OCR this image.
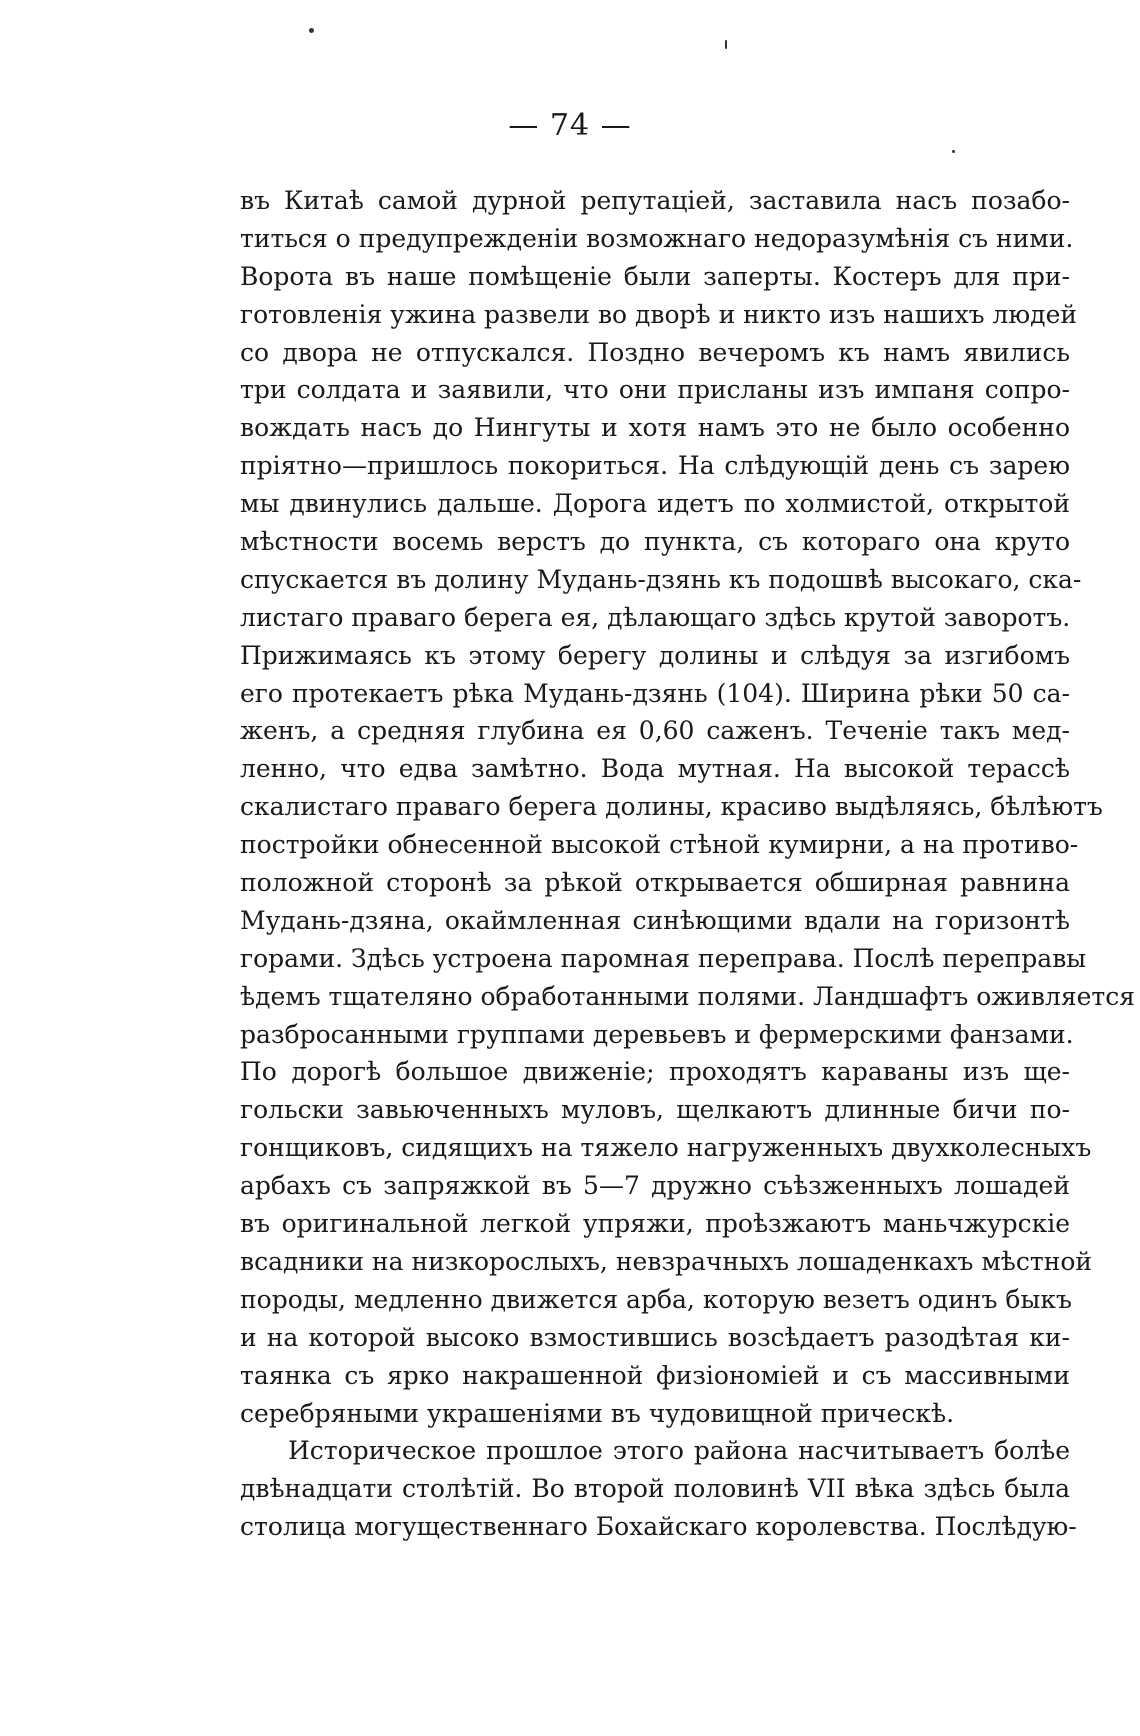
— 74 —
въ Китаѣ самой дурной репутаціей, заставила насъ позабо-
титься о предупрежденіи возможнаго недоразумѣнія съ ними.
Ворота въ наше помѣщеніе были заперты. Костеръ для при-
готовленія ужина развели во дворѣ и никто изъ нашихъ людей
со двора не отпускался. Поздно вечеромъ къ намъ явились
три солдата и заявили, что они присланы изъ импаня сопро-
вождать насъ до Нингуты и хотя намъ это не было особенно
пріятно—пришлось покориться. На слѣдующій день съ зарею
мы двинулись дальше. Дорога идетъ по холмистой, открытой
мѣстности восемь верстъ до пункта, съ котораго она круто
спускается въ долину Мудань-дзянь къ подошвѣ высокаго, ска-
листаго праваго берега ея, дѣлающаго здѣсь крутой заворотъ.
Прижимаясь къ этому берегу долины и слѣдуя за изгибомъ
его протекаетъ рѣка Мудань-дзянь (104). Ширина рѣки 50 са-
женъ, а средняя глубина ея 0,60 саженъ. Теченіе такъ мед-
ленно, что едва замѣтно. Вода мутная. На высокой терассѣ
скалистаго праваго берега долины, красиво выдѣляясь, бѣлѣютъ
постройки обнесенной высокой стѣной кумирни, а на противо-
положной сторонѣ за рѣкой открывается обширная равнина
Мудань-дзяна, окаймленная синѣющими вдали на горизонтѣ
горами. Здѣсь устроена паромная переправа. Послѣ переправы
ѣдемъ тщателяно обработанными полями. Ландшафтъ оживляется
разбросанными группами деревьевъ и фермерскими фанзами.
По дорогѣ большое движеніе; проходятъ караваны изъ ще-
гольски завьюченныхъ муловъ, щелкаютъ длинные бичи по-
гонщиковъ, сидящихъ на тяжело нагруженныхъ двухколесныхъ
арбахъ съ запряжкой въ 5—7 дружно съѣзженныхъ лошадей
въ оригинальной легкой упряжи, проѣзжаютъ маньчжурскіе
всадники на низкорослыхъ, невзрачныхъ лошаденкахъ мѣстной
породы, медленно движется арба, которую везетъ одинъ быкъ
и на которой высоко взмостившись возсѣдаетъ разодѣтая ки-
таянка съ ярко накрашенной физіономіей и съ массивными
серебряными украшеніями въ чудовищной прическѣ.
Историческое прошлое этого района насчитываетъ болѣе
двѣнадцати столѣтій. Во второй половинѣ VII вѣка здѣсь была
столица могущественнаго Бохайскаго королевства. Послѣдую-
